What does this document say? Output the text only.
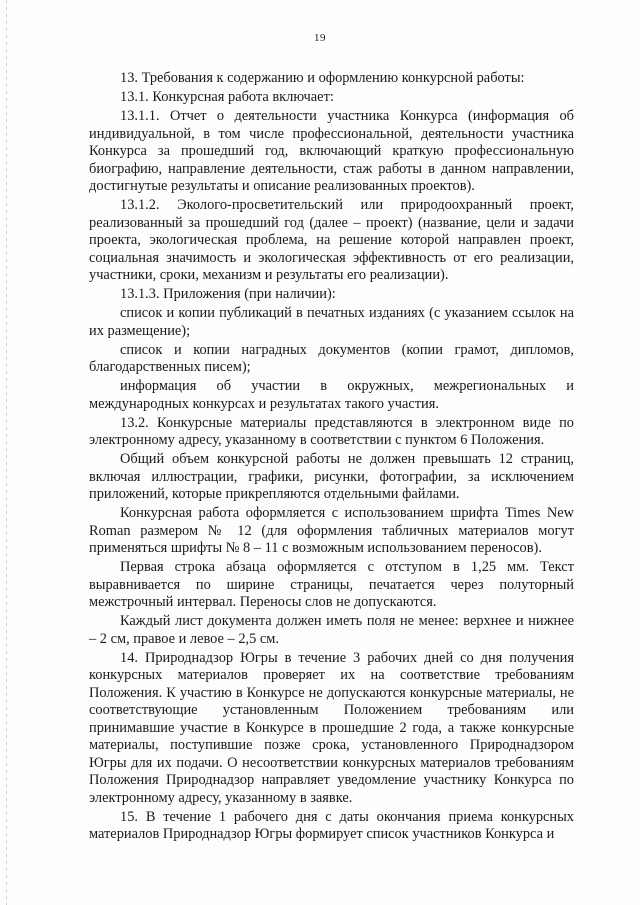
19

13. Требования к содержанию и оформлению конкурсной работы:

13.1. Конкурсная работа включает:

13.1.1. Отчет о деятельности участника Конкурса (информация об индивидуальной, в том числе профессиональной, деятельности участника Конкурса за прошедший год, включающий краткую профессиональную биографию, направление деятельности, стаж работы в данном направлении, достигнутые результаты и описание реализованных проектов).

13.1.2. Эколого-просветительский или природоохранный проект, реализованный за прошедший год (далее – проект) (название, цели и задачи проекта, экологическая проблема, на решение которой направлен проект, социальная значимость и экологическая эффективность от его реализации, участники, сроки, механизм и результаты его реализации).

13.1.3. Приложения (при наличии):

список и копии публикаций в печатных изданиях (с указанием ссылок на их размещение);

список и копии наградных документов (копии грамот, дипломов, благодарственных писем);

информация об участии в окружных, межрегиональных и международных конкурсах и результатах такого участия.

13.2. Конкурсные материалы представляются в электронном виде по электронному адресу, указанному в соответствии с пунктом 6 Положения.

Общий объем конкурсной работы не должен превышать 12 страниц, включая иллюстрации, графики, рисунки, фотографии, за исключением приложений, которые прикрепляются отдельными файлами.

Конкурсная работа оформляется с использованием шрифта Times New Roman размером № 12 (для оформления табличных материалов могут применяться шрифты № 8 – 11 с возможным использованием переносов).

Первая строка абзаца оформляется с отступом в 1,25 мм. Текст выравнивается по ширине страницы, печатается через полуторный межстрочный интервал. Переносы слов не допускаются.

Каждый лист документа должен иметь поля не менее: верхнее и нижнее – 2 см, правое и левое – 2,5 см.

14. Природнадзор Югры в течение 3 рабочих дней со дня получения конкурсных материалов проверяет их на соответствие требованиям Положения. К участию в Конкурсе не допускаются конкурсные материалы, не соответствующие установленным Положением требованиям или принимавшие участие в Конкурсе в прошедшие 2 года, а также конкурсные материалы, поступившие позже срока, установленного Природнадзором Югры для их подачи. О несоответствии конкурсных материалов требованиям Положения Природнадзор направляет уведомление участнику Конкурса по электронному адресу, указанному в заявке.

15. В течение 1 рабочего дня с даты окончания приема конкурсных материалов Природнадзор Югры формирует список участников Конкурса и
